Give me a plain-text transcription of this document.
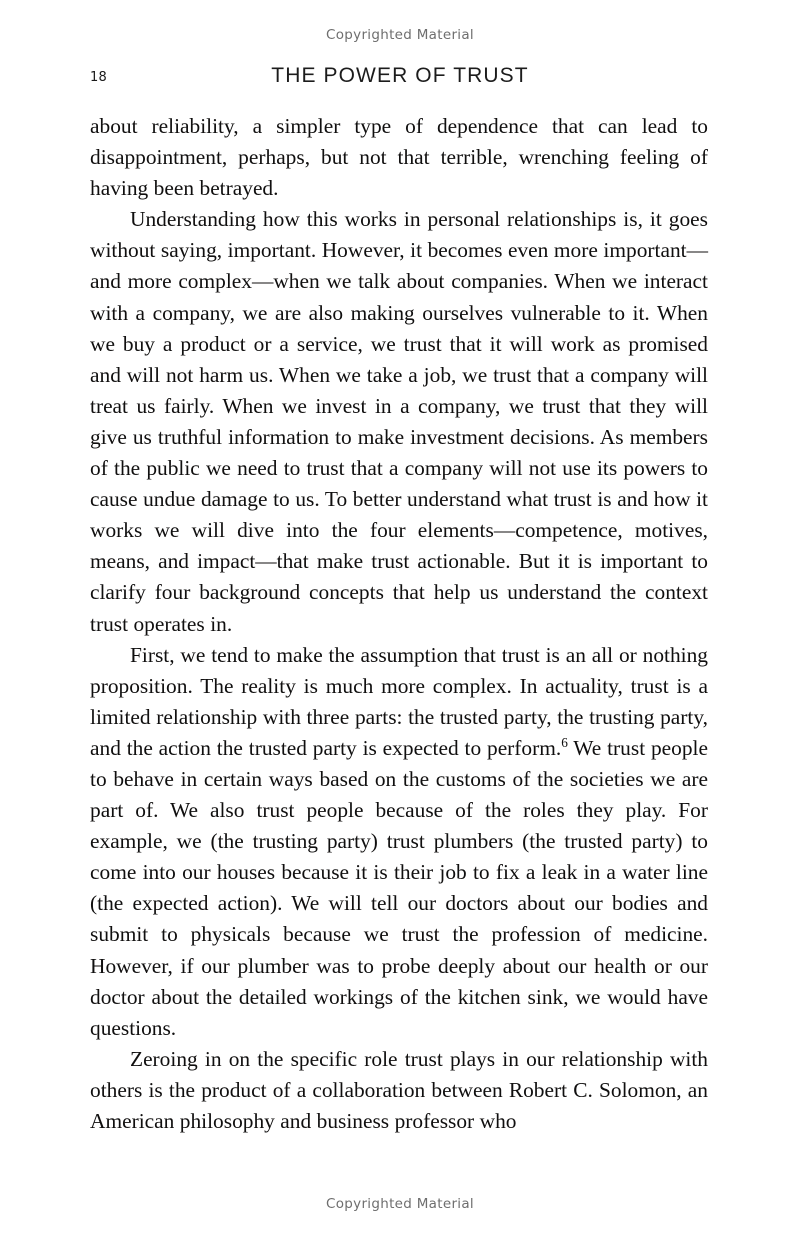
Copyrighted Material
18	THE POWER OF TRUST

about reliability, a simpler type of dependence that can lead to disappointment, perhaps, but not that terrible, wrenching feeling of having been betrayed.

Understanding how this works in personal relationships is, it goes without saying, important. However, it becomes even more important—and more complex—when we talk about companies. When we interact with a company, we are also making ourselves vulnerable to it. When we buy a product or a service, we trust that it will work as promised and will not harm us. When we take a job, we trust that a company will treat us fairly. When we invest in a company, we trust that they will give us truthful information to make investment decisions. As members of the public we need to trust that a company will not use its powers to cause undue damage to us. To better understand what trust is and how it works we will dive into the four elements—competence, motives, means, and impact—that make trust actionable. But it is important to clarify four background concepts that help us understand the context trust operates in.

First, we tend to make the assumption that trust is an all or nothing proposition. The reality is much more complex. In actuality, trust is a limited relationship with three parts: the trusted party, the trusting party, and the action the trusted party is expected to perform.$^6$ We trust people to behave in certain ways based on the customs of the societies we are part of. We also trust people because of the roles they play. For example, we (the trusting party) trust plumbers (the trusted party) to come into our houses because it is their job to fix a leak in a water line (the expected action). We will tell our doctors about our bodies and submit to physicals because we trust the profession of medicine. However, if our plumber was to probe deeply about our health or our doctor about the detailed workings of the kitchen sink, we would have questions.

Zeroing in on the specific role trust plays in our relationship with others is the product of a collaboration between Robert C. Solomon, an American philosophy and business professor who

Copyrighted Material
